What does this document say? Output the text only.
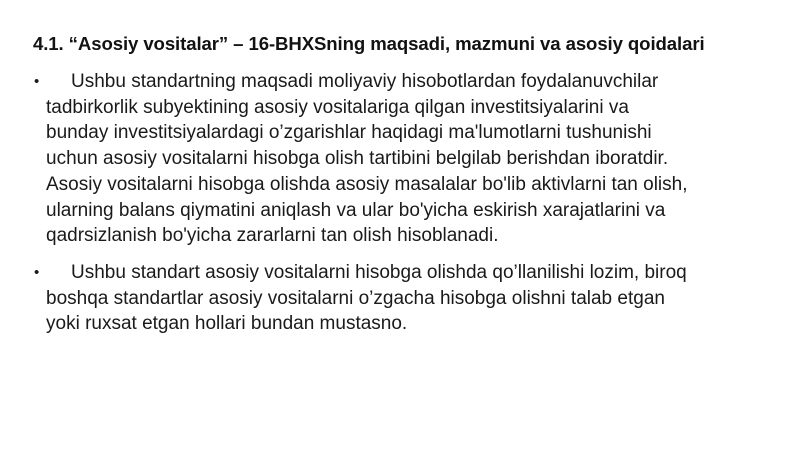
4.1. “Asosiy vositalar” – 16-BHXSning maqsadi, mazmuni va asosiy qoidalari
• Ushbu standartning maqsadi moliyaviy hisobotlardan foydalanuvchilar
tadbirkorlik subyektining asosiy vositalariga qilgan investitsiyalarini va
bunday investitsiyalardagi o’zgarishlar haqidagi ma'lumotlarni tushunishi
uchun asosiy vositalarni hisobga olish tartibini belgilab berishdan iboratdir.
Asosiy vositalarni hisobga olishda asosiy masalalar bo'lib aktivlarni tan olish,
ularning balans qiymatini aniqlash va ular bo'yicha eskirish xarajatlarini va
qadrsizlanish bo'yicha zararlarni tan olish hisoblanadi.
• Ushbu standart asosiy vositalarni hisobga olishda qo’llanilishi lozim, biroq
boshqa standartlar asosiy vositalarni o’zgacha hisobga olishni talab etgan
yoki ruxsat etgan hollari bundan mustasno.
